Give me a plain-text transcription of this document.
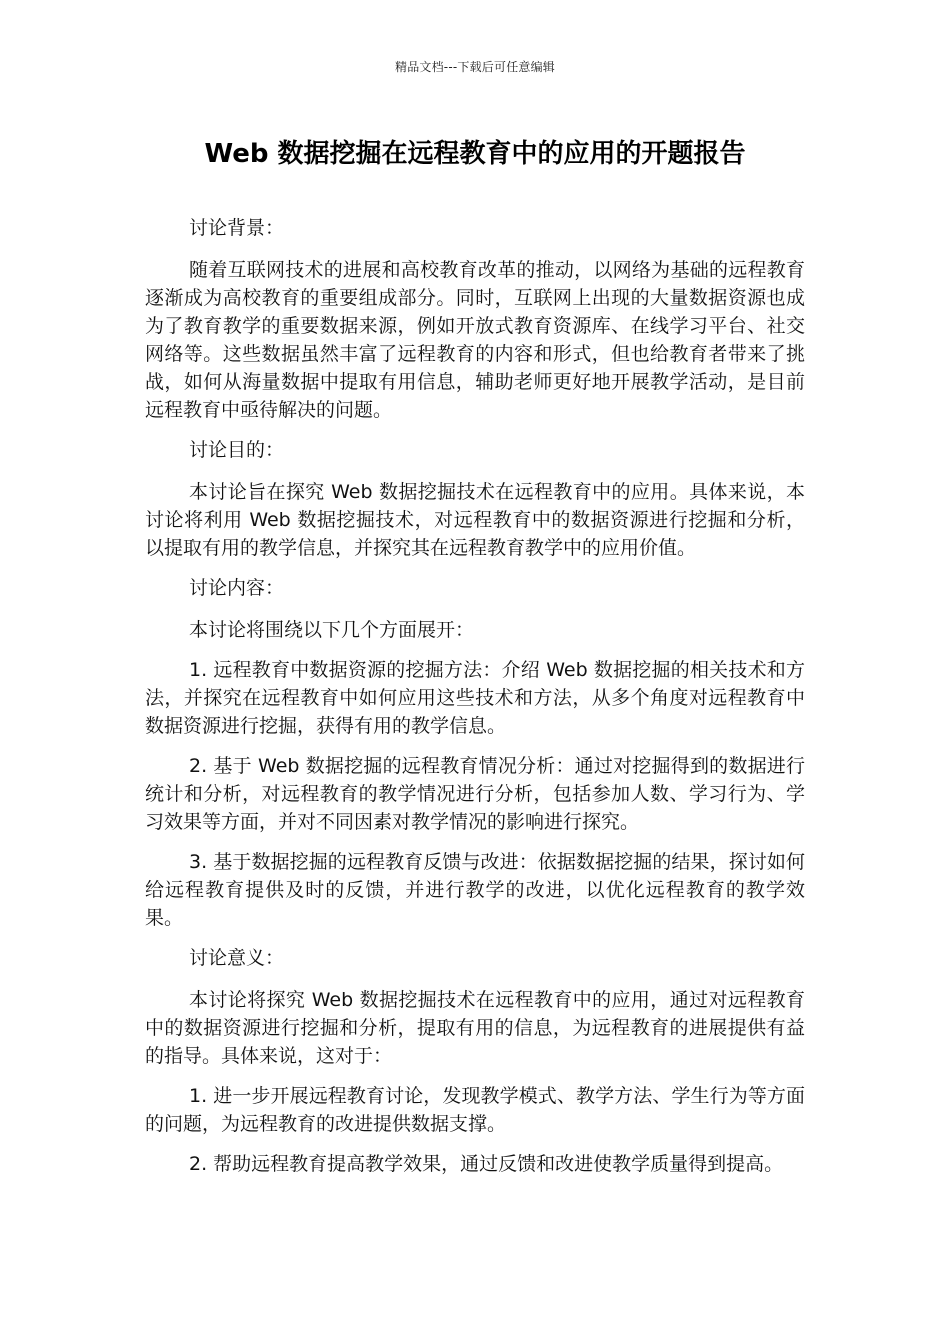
精品文档---下载后可任意编辑
Web 数据挖掘在远程教育中的应用的开题报告

讨论背景：

随着互联网技术的进展和高校教育改革的推动，以网络为基础的远程教育逐渐成为高校教育的重要组成部分。同时，互联网上出现的大量数据资源也成为了教育教学的重要数据来源，例如开放式教育资源库、在线学习平台、社交网络等。这些数据虽然丰富了远程教育的内容和形式，但也给教育者带来了挑战，如何从海量数据中提取有用信息，辅助老师更好地开展教学活动，是目前远程教育中亟待解决的问题。

讨论目的：

本讨论旨在探究 Web 数据挖掘技术在远程教育中的应用。具体来说，本讨论将利用 Web 数据挖掘技术，对远程教育中的数据资源进行挖掘和分析，以提取有用的教学信息，并探究其在远程教育教学中的应用价值。

讨论内容：

本讨论将围绕以下几个方面展开：

1. 远程教育中数据资源的挖掘方法：介绍 Web 数据挖掘的相关技术和方法，并探究在远程教育中如何应用这些技术和方法，从多个角度对远程教育中数据资源进行挖掘，获得有用的教学信息。

2. 基于 Web 数据挖掘的远程教育情况分析：通过对挖掘得到的数据进行统计和分析，对远程教育的教学情况进行分析，包括参加人数、学习行为、学习效果等方面，并对不同因素对教学情况的影响进行探究。

3. 基于数据挖掘的远程教育反馈与改进：依据数据挖掘的结果，探讨如何给远程教育提供及时的反馈，并进行教学的改进，以优化远程教育的教学效果。

讨论意义：

本讨论将探究 Web 数据挖掘技术在远程教育中的应用，通过对远程教育中的数据资源进行挖掘和分析，提取有用的信息，为远程教育的进展提供有益的指导。具体来说，这对于：

1. 进一步开展远程教育讨论，发现教学模式、教学方法、学生行为等方面的问题，为远程教育的改进提供数据支撑。

2. 帮助远程教育提高教学效果，通过反馈和改进使教学质量得到提高。
